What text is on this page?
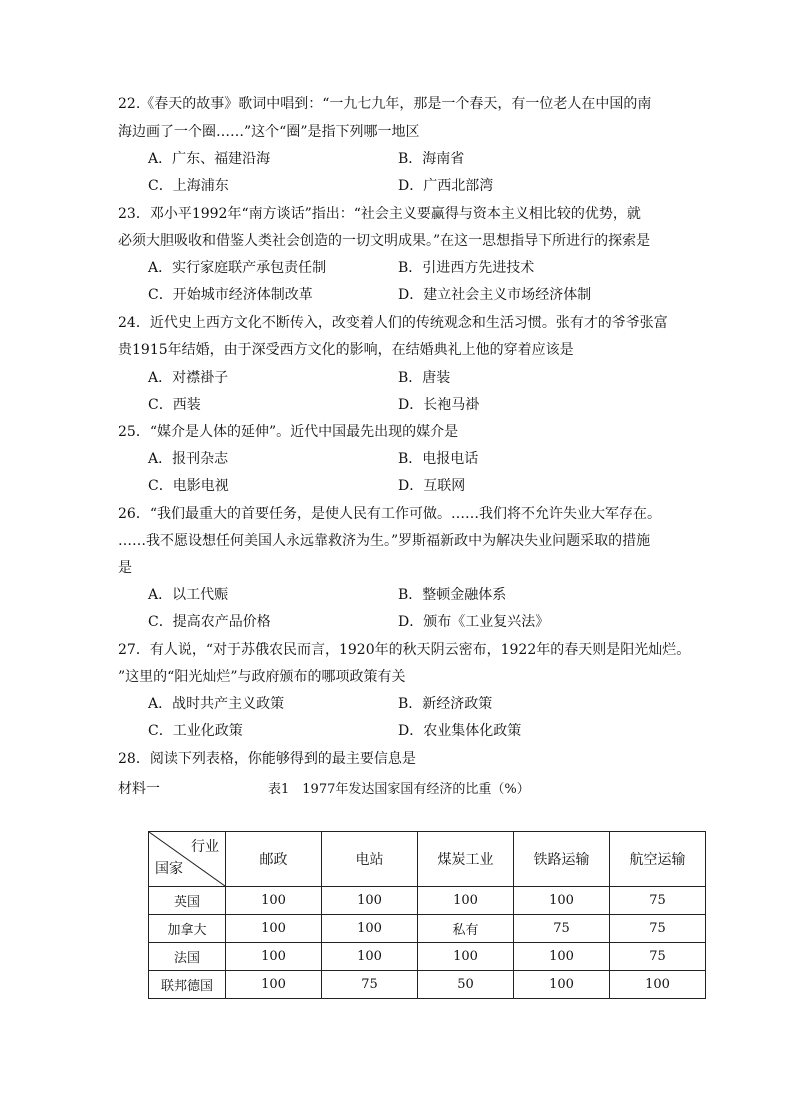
22.《春天的故事》歌词中唱到：“一九七九年，那是一个春天，有一位老人在中国的南
海边画了一个圈……”这个“圈”是指下列哪一地区
A．广东、福建沿海	B．海南省
C．上海浦东	D．广西北部湾
23．邓小平1992年“南方谈话”指出：“社会主义要赢得与资本主义相比较的优势，就
必须大胆吸收和借鉴人类社会创造的一切文明成果。”在这一思想指导下所进行的探索是
A．实行家庭联产承包责任制	B．引进西方先进技术
C．开始城市经济体制改革	D．建立社会主义市场经济体制
24．近代史上西方文化不断传入，改变着人们的传统观念和生活习惯。张有才的爷爷张富
贵1915年结婚，由于深受西方文化的影响，在结婚典礼上他的穿着应该是
A．对襟褂子	B．唐装
C．西装	D．长袍马褂
25．“媒介是人体的延伸”。近代中国最先出现的媒介是
A．报刊杂志	B．电报电话
C．电影电视	D．互联网
26．“我们最重大的首要任务，是使人民有工作可做。……我们将不允许失业大军存在。
……我不愿设想任何美国人永远靠救济为生。”罗斯福新政中为解决失业问题采取的措施
是
A．以工代赈	B．整顿金融体系
C．提高农产品价格	D．颁布《工业复兴法》
27．有人说，“对于苏俄农民而言，1920年的秋天阴云密布，1922年的春天则是阳光灿烂。
”这里的“阳光灿烂”与政府颁布的哪项政策有关
A．战时共产主义政策	B．新经济政策
C．工业化政策	D．农业集体化政策
28．阅读下列表格，你能够得到的最主要信息是
材料一	表1　1977年发达国家国有经济的比重（%）
行业
国家	邮政	电站	煤炭工业	铁路运输	航空运输
英国	100	100	100	100	75
加拿大	100	100	私有	75	75
法国	100	100	100	100	75
联邦德国	100	75	50	100	100
